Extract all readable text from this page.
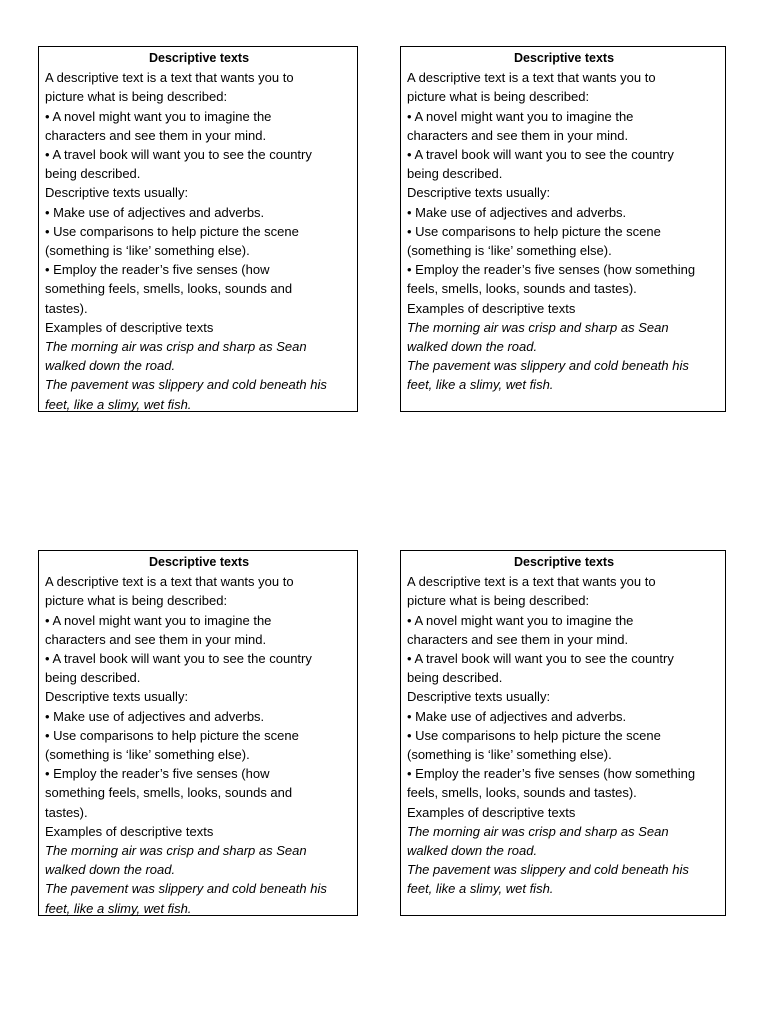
Descriptive texts
A descriptive text is a text that wants you to
picture what is being described:
• A novel might want you to imagine the
characters and see them in your mind.
• A travel book will want you to see the country
being described.
Descriptive texts usually:
• Make use of adjectives and adverbs.
• Use comparisons to help picture the scene
(something is ‘like’ something else).
• Employ the reader’s five senses (how
something feels, smells, looks, sounds and
tastes).
Examples of descriptive texts
The morning air was crisp and sharp as Sean
walked down the road.
The pavement was slippery and cold beneath his
feet, like a slimy, wet fish.
Descriptive texts
A descriptive text is a text that wants you to
picture what is being described:
• A novel might want you to imagine the
characters and see them in your mind.
• A travel book will want you to see the country
being described.
Descriptive texts usually:
• Make use of adjectives and adverbs.
• Use comparisons to help picture the scene
(something is ‘like’ something else).
• Employ the reader’s five senses (how something
feels, smells, looks, sounds and tastes).
Examples of descriptive texts
The morning air was crisp and sharp as Sean
walked down the road.
The pavement was slippery and cold beneath his
feet, like a slimy, wet fish.
Descriptive texts
A descriptive text is a text that wants you to
picture what is being described:
• A novel might want you to imagine the
characters and see them in your mind.
• A travel book will want you to see the country
being described.
Descriptive texts usually:
• Make use of adjectives and adverbs.
• Use comparisons to help picture the scene
(something is ‘like’ something else).
• Employ the reader’s five senses (how
something feels, smells, looks, sounds and
tastes).
Examples of descriptive texts
The morning air was crisp and sharp as Sean
walked down the road.
The pavement was slippery and cold beneath his
feet, like a slimy, wet fish.
Descriptive texts
A descriptive text is a text that wants you to
picture what is being described:
• A novel might want you to imagine the
characters and see them in your mind.
• A travel book will want you to see the country
being described.
Descriptive texts usually:
• Make use of adjectives and adverbs.
• Use comparisons to help picture the scene
(something is ‘like’ something else).
• Employ the reader’s five senses (how something
feels, smells, looks, sounds and tastes).
Examples of descriptive texts
The morning air was crisp and sharp as Sean
walked down the road.
The pavement was slippery and cold beneath his
feet, like a slimy, wet fish.
